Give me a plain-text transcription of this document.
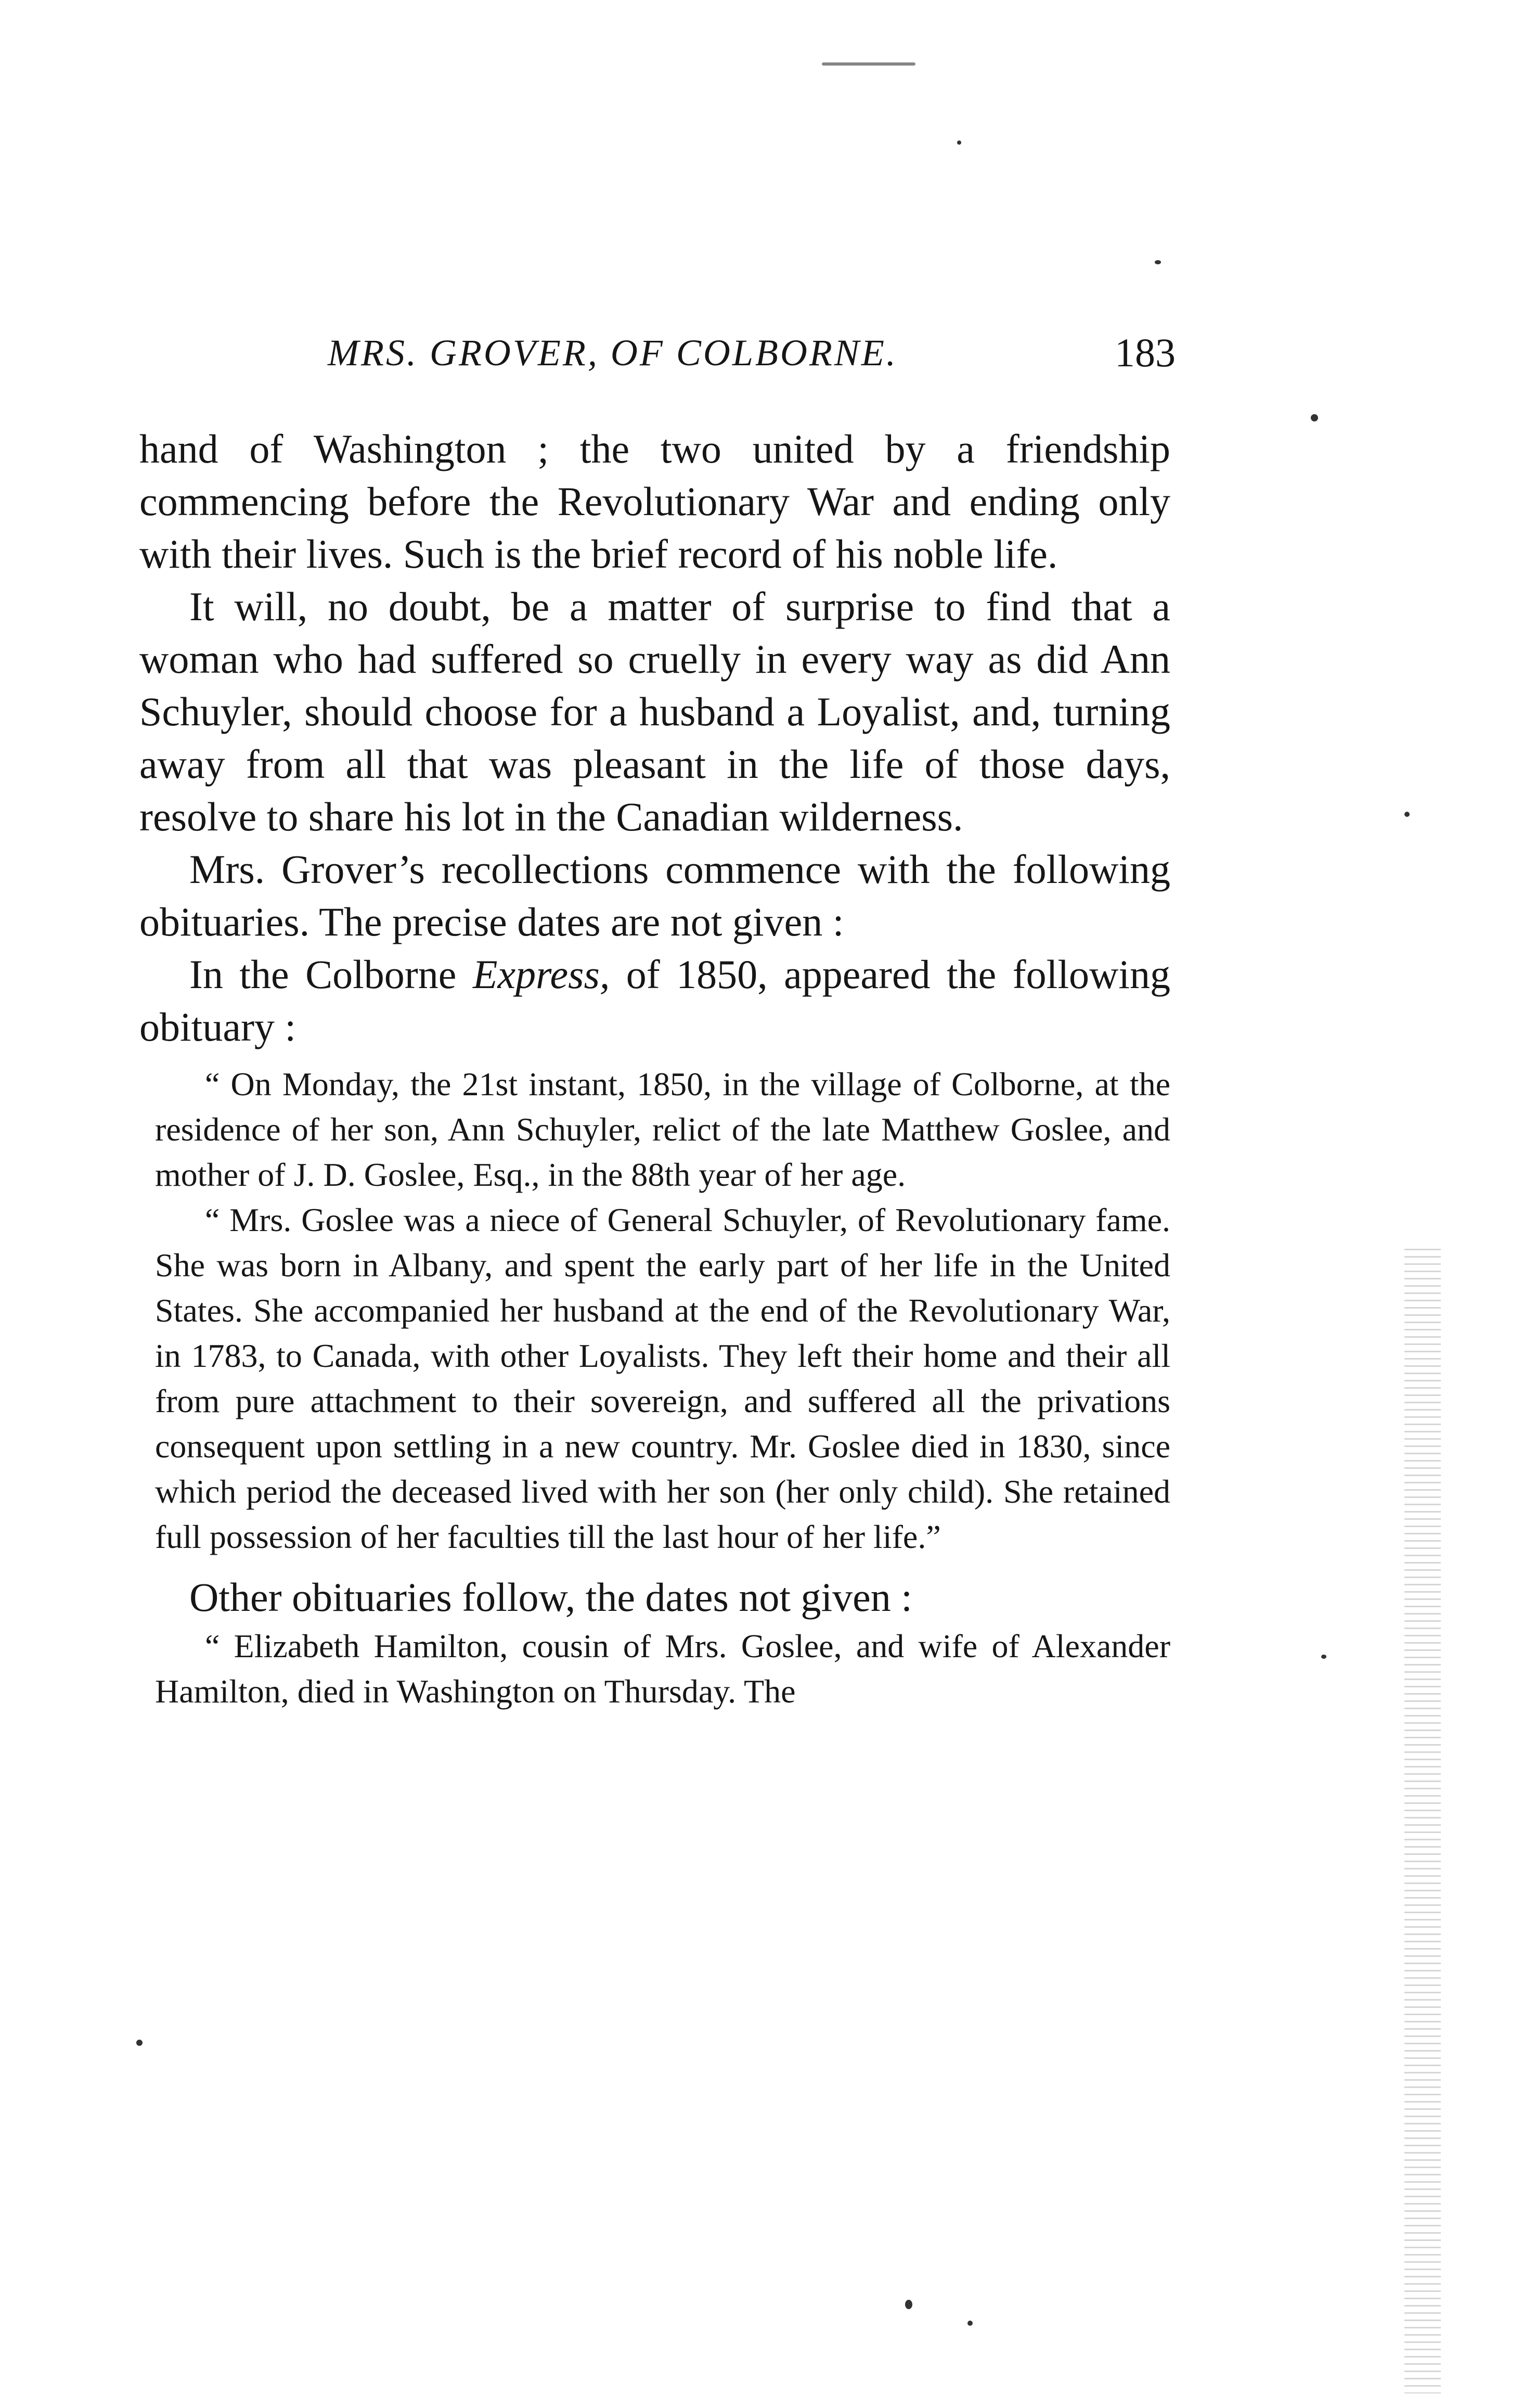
MRS. GROVER, OF COLBORNE.	183

hand of Washington ; the two united by a friendship commencing before the Revolutionary War and ending only with their lives. Such is the brief record of his noble life.

It will, no doubt, be a matter of surprise to find that a woman who had suffered so cruelly in every way as did Ann Schuyler, should choose for a husband a Loyalist, and, turning away from all that was pleasant in the life of those days, resolve to share his lot in the Canadian wilderness.

Mrs. Grover’s recollections commence with the following obituaries. The precise dates are not given :

In the Colborne Express, of 1850, appeared the following obituary :

“ On Monday, the 21st instant, 1850, in the village of Colborne, at the residence of her son, Ann Schuyler, relict of the late Matthew Goslee, and mother of J. D. Goslee, Esq., in the 88th year of her age.

“ Mrs. Goslee was a niece of General Schuyler, of Revolutionary fame. She was born in Albany, and spent the early part of her life in the United States. She accompanied her husband at the end of the Revolutionary War, in 1783, to Canada, with other Loyalists. They left their home and their all from pure attachment to their sovereign, and suffered all the privations consequent upon settling in a new country. Mr. Goslee died in 1830, since which period the deceased lived with her son (her only child). She retained full possession of her faculties till the last hour of her life.”

Other obituaries follow, the dates not given :

“ Elizabeth Hamilton, cousin of Mrs. Goslee, and wife of Alexander Hamilton, died in Washington on Thursday. The
